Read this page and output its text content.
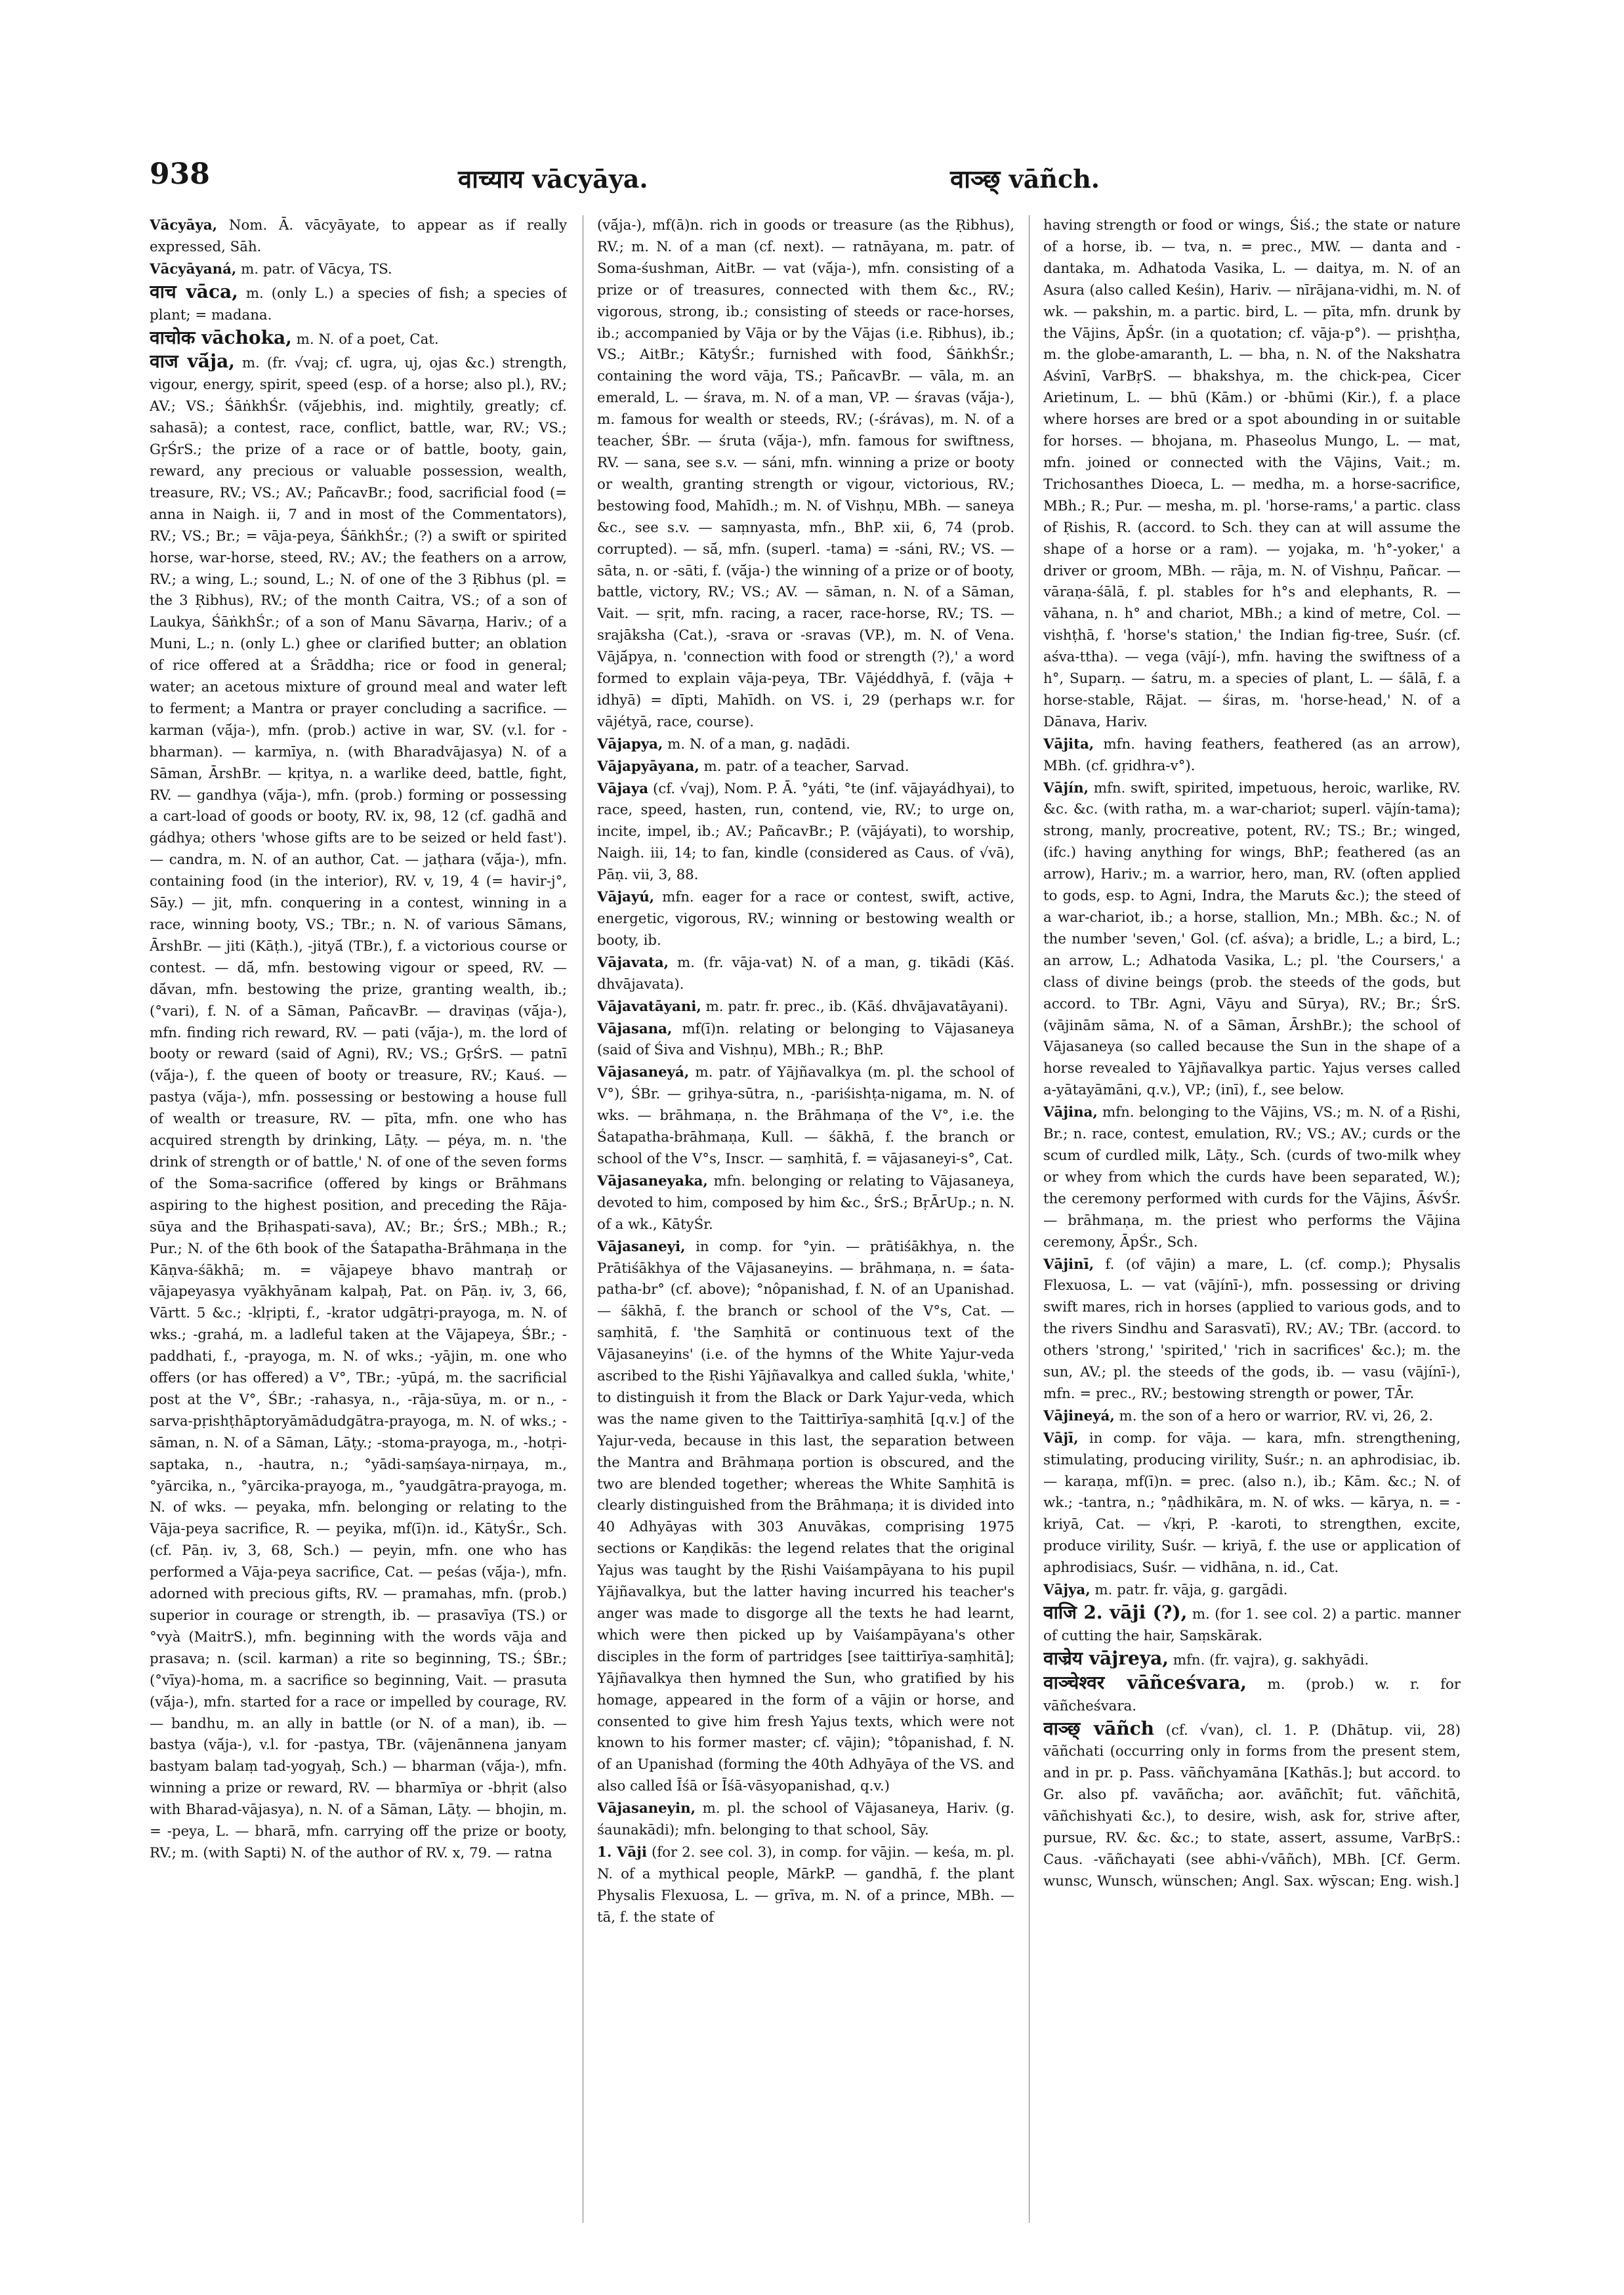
938	वाच्याय vācyāya.	वाञ्छ् vāñch.

Vācyāya, Nom. Ā. vācyāyate, to appear as if really expressed, Sāh.

Vācyāyaná, m. patr. of Vācya, TS.

वाच vāca, m. (only L.) a species of fish; a species of plant; = madana.

वाचोक vāchoka, m. N. of a poet, Cat.

वाज vā́ja, m. (fr. √vaj; cf. ugra, uj, ojas &c.) strength, vigour, energy, spirit, speed (esp. of a horse; also pl.), RV.; AV.; VS.; ŚāṅkhŚr. (vā́jebhis, ind. mightily, greatly; cf. sahasā); a contest, race, conflict, battle, war, RV.; VS.; GṛŚrS.; the prize of a race or of battle, booty, gain, reward, any precious or valuable possession, wealth, treasure, RV.; VS.; AV.; PañcavBr.; food, sacrificial food (= anna in Naigh. ii, 7 and in most of the Commentators), RV.; VS.; Br.; = vāja-peya, ŚāṅkhŚr.; (?) a swift or spirited horse, war-horse, steed, RV.; AV.; the feathers on a arrow, RV.; a wing, L.; sound, L.; N. of one of the 3 Ṛibhus (pl. = the 3 Ṛibhus), RV.; of the month Caitra, VS.; of a son of Laukya, ŚāṅkhŚr.; of a son of Manu Sāvarṇa, Hariv.; of a Muni, L.; n. (only L.) ghee or clarified butter; an oblation of rice offered at a Śrāddha; rice or food in general; water; an acetous mixture of ground meal and water left to ferment; a Mantra or prayer concluding a sacrifice. — karman (vā́ja-), mfn. (prob.) active in war, SV. (v.l. for -bharman). — karmīya, n. (with Bharadvājasya) N. of a Sāman, ĀrshBr. — kṛitya, n. a warlike deed, battle, fight, RV. — gandhya (vā́ja-), mfn. (prob.) forming or possessing a cart-load of goods or booty, RV. ix, 98, 12 (cf. gadhā and gádhya; others 'whose gifts are to be seized or held fast'). — candra, m. N. of an author, Cat. — jaṭhara (vā́ja-), mfn. containing food (in the interior), RV. v, 19, 4 (= havir-j°, Sāy.) — jit, mfn. conquering in a contest, winning in a race, winning booty, VS.; TBr.; n. N. of various Sāmans, ĀrshBr. — jiti (Kāṭh.), -jityā́ (TBr.), f. a victorious course or contest. — dā́, mfn. bestowing vigour or speed, RV. — dā́van, mfn. bestowing the prize, granting wealth, ib.; (°vari), f. N. of a Sāman, PañcavBr. — draviṇas (vā́ja-), mfn. finding rich reward, RV. — pati (vā́ja-), m. the lord of booty or reward (said of Agni), RV.; VS.; GṛŚrS. — patnī (vā́ja-), f. the queen of booty or treasure, RV.; Kauś. — pastya (vā́ja-), mfn. possessing or bestowing a house full of wealth or treasure, RV. — pīta, mfn. one who has acquired strength by drinking, Lāṭy. — péya, m. n. 'the drink of strength or of battle,' N. of one of the seven forms of the Soma-sacrifice (offered by kings or Brāhmans aspiring to the highest position, and preceding the Rāja-sūya and the Bṛihaspati-sava), AV.; Br.; ŚrS.; MBh.; R.; Pur.; N. of the 6th book of the Śatapatha-Brāhmaṇa in the Kāṇva-śākhā; m. = vājapeye bhavo mantraḥ or vājapeyasya vyākhyānam kalpaḥ, Pat. on Pāṇ. iv, 3, 66, Vārtt. 5 &c.; -klṛipti, f., -krator udgātṛi-prayoga, m. N. of wks.; -grahá, m. a ladleful taken at the Vājapeya, ŚBr.; -paddhati, f., -prayoga, m. N. of wks.; -yājin, m. one who offers (or has offered) a V°, TBr.; -yūpá, m. the sacrificial post at the V°, ŚBr.; -rahasya, n., -rāja-sūya, m. or n., -sarva-pṛishṭhāptoryāmādudgātra-prayoga, m. N. of wks.; -sāman, n. N. of a Sāman, Lāṭy.; -stoma-prayoga, m., -hotṛi-saptaka, n., -hautra, n.; °yādi-saṃśaya-nirṇaya, m., °yārcika, n., °yārcika-prayoga, m., °yaudgātra-prayoga, m. N. of wks. — peyaka, mfn. belonging or relating to the Vāja-peya sacrifice, R. — peyika, mf(ī)n. id., KātyŚr., Sch. (cf. Pāṇ. iv, 3, 68, Sch.) — peyin, mfn. one who has performed a Vāja-peya sacrifice, Cat. — peśas (vā́ja-), mfn. adorned with precious gifts, RV. — pramahas, mfn. (prob.) superior in courage or strength, ib. — prasavīya (TS.) or °vyà (MaitrS.), mfn. beginning with the words vāja and prasava; n. (scil. karman) a rite so beginning, TS.; ŚBr.; (°vīya)-homa, m. a sacrifice so beginning, Vait. — prasuta (vā́ja-), mfn. started for a race or impelled by courage, RV. — bandhu, m. an ally in battle (or N. of a man), ib. — bastya (vā́ja-), v.l. for -pastya, TBr. (vājenānnena janyam bastyam balaṃ tad-yogyaḥ, Sch.) — bharman (vā́ja-), mfn. winning a prize or reward, RV. — bharmīya or -bhṛit (also with Bharad-vājasya), n. N. of a Sāman, Lāṭy. — bhojin, m. = -peya, L. — bharā, mfn. carrying off the prize or booty, RV.; m. (with Sapti) N. of the author of RV. x, 79. — ratna

(vā́ja-), mf(ā)n. rich in goods or treasure (as the Ṛibhus), RV.; m. N. of a man (cf. next). — ratnāyana, m. patr. of Soma-śushman, AitBr. — vat (vā́ja-), mfn. consisting of a prize or of treasures, connected with them &c., RV.; vigorous, strong, ib.; consisting of steeds or race-horses, ib.; accompanied by Vāja or by the Vājas (i.e. Ṛibhus), ib.; VS.; AitBr.; KātyŚr.; furnished with food, ŚāṅkhŚr.; containing the word vāja, TS.; PañcavBr. — vāla, m. an emerald, L. — śrava, m. N. of a man, VP. — śravas (vā́ja-), m. famous for wealth or steeds, RV.; (-śrávas), m. N. of a teacher, ŚBr. — śruta (vā́ja-), mfn. famous for swiftness, RV. — sana, see s.v. — sáni, mfn. winning a prize or booty or wealth, granting strength or vigour, victorious, RV.; bestowing food, Mahīdh.; m. N. of Vishṇu, MBh. — saneya &c., see s.v. — saṃnyasta, mfn., BhP. xii, 6, 74 (prob. corrupted). — sā́, mfn. (superl. -tama) = -sáni, RV.; VS. — sāta, n. or -sāti, f. (vā́ja-) the winning of a prize or of booty, battle, victory, RV.; VS.; AV. — sāman, n. N. of a Sāman, Vait. — sṛit, mfn. racing, a racer, race-horse, RV.; TS. — srajāksha (Cat.), -srava or -sravas (VP.), m. N. of Vena. Vājā́pya, n. 'connection with food or strength (?),' a word formed to explain vāja-peya, TBr. Vājéddhyā, f. (vāja + idhyā) = dīpti, Mahīdh. on VS. i, 29 (perhaps w.r. for vājétyā, race, course).

Vājapya, m. N. of a man, g. naḍādi.

Vājapyāyana, m. patr. of a teacher, Sarvad.

Vājaya (cf. √vaj), Nom. P. Ā. °yáti, °te (inf. vājayádhyai), to race, speed, hasten, run, contend, vie, RV.; to urge on, incite, impel, ib.; AV.; PañcavBr.; P. (vājáyati), to worship, Naigh. iii, 14; to fan, kindle (considered as Caus. of √vā), Pāṇ. vii, 3, 88.

Vājayú, mfn. eager for a race or contest, swift, active, energetic, vigorous, RV.; winning or bestowing wealth or booty, ib.

Vājavata, m. (fr. vāja-vat) N. of a man, g. tikādi (Kāś. dhvājavata).

Vājavatāyani, m. patr. fr. prec., ib. (Kāś. dhvājavatāyani).

Vājasana, mf(ī)n. relating or belonging to Vājasaneya (said of Śiva and Vishṇu), MBh.; R.; BhP.

Vājasaneyá, m. patr. of Yājñavalkya (m. pl. the school of V°), ŚBr. — gṛihya-sūtra, n., -pariśishṭa-nigama, m. N. of wks. — brāhmaṇa, n. the Brāhmaṇa of the V°, i.e. the Śatapatha-brāhmaṇa, Kull. — śākhā, f. the branch or school of the V°s, Inscr. — saṃhitā, f. = vājasaneyi-s°, Cat.

Vājasaneyaka, mfn. belonging or relating to Vājasaneya, devoted to him, composed by him &c., ŚrS.; BṛĀrUp.; n. N. of a wk., KātyŚr.

Vājasaneyi, in comp. for °yin. — prātiśākhya, n. the Prātiśākhya of the Vājasaneyins. — brāhmaṇa, n. = śata-patha-br° (cf. above); °nôpanishad, f. N. of an Upanishad. — śākhā, f. the branch or school of the V°s, Cat. — saṃhitā, f. 'the Saṃhitā or continuous text of the Vājasaneyins' (i.e. of the hymns of the White Yajur-veda ascribed to the Ṛishi Yājñavalkya and called śukla, 'white,' to distinguish it from the Black or Dark Yajur-veda, which was the name given to the Taittirīya-saṃhitā [q.v.] of the Yajur-veda, because in this last, the separation between the Mantra and Brāhmaṇa portion is obscured, and the two are blended together; whereas the White Saṃhitā is clearly distinguished from the Brāhmaṇa; it is divided into 40 Adhyāyas with 303 Anuvākas, comprising 1975 sections or Kaṇḍikās: the legend relates that the original Yajus was taught by the Ṛishi Vaiśampāyana to his pupil Yājñavalkya, but the latter having incurred his teacher's anger was made to disgorge all the texts he had learnt, which were then picked up by Vaiśampāyana's other disciples in the form of partridges [see taittirīya-saṃhitā]; Yājñavalkya then hymned the Sun, who gratified by his homage, appeared in the form of a vājin or horse, and consented to give him fresh Yajus texts, which were not known to his former master; cf. vājin); °tôpanishad, f. N. of an Upanishad (forming the 40th Adhyāya of the VS. and also called Īśā or Īśā-vāsyopanishad, q.v.)

Vājasaneyin, m. pl. the school of Vājasaneya, Hariv. (g. śaunakādi); mfn. belonging to that school, Sāy.

1. Vāji (for 2. see col. 3), in comp. for vājin. — keśa, m. pl. N. of a mythical people, MārkP. — gandhā, f. the plant Physalis Flexuosa, L. — grīva, m. N. of a prince, MBh. — tā, f. the state of

having strength or food or wings, Śiś.; the state or nature of a horse, ib. — tva, n. = prec., MW. — danta and -dantaka, m. Adhatoda Vasika, L. — daitya, m. N. of an Asura (also called Keśin), Hariv. — nīrājana-vidhi, m. N. of wk. — pakshin, m. a partic. bird, L. — pīta, mfn. drunk by the Vājins, ĀpŚr. (in a quotation; cf. vāja-p°). — pṛishṭha, m. the globe-amaranth, L. — bha, n. N. of the Nakshatra Aśvinī, VarBṛS. — bhakshya, m. the chick-pea, Cicer Arietinum, L. — bhū (Kām.) or -bhūmi (Kir.), f. a place where horses are bred or a spot abounding in or suitable for horses. — bhojana, m. Phaseolus Mungo, L. — mat, mfn. joined or connected with the Vājins, Vait.; m. Trichosanthes Dioeca, L. — medha, m. a horse-sacrifice, MBh.; R.; Pur. — mesha, m. pl. 'horse-rams,' a partic. class of Ṛishis, R. (accord. to Sch. they can at will assume the shape of a horse or a ram). — yojaka, m. 'h°-yoker,' a driver or groom, MBh. — rāja, m. N. of Vishṇu, Pañcar. — vāraṇa-śālā, f. pl. stables for h°s and elephants, R. — vāhana, n. h° and chariot, MBh.; a kind of metre, Col. — vishṭhā, f. 'horse's station,' the Indian fig-tree, Suśr. (cf. aśva-ttha). — vega (vājí-), mfn. having the swiftness of a h°, Suparṇ. — śatru, m. a species of plant, L. — śālā, f. a horse-stable, Rājat. — śiras, m. 'horse-head,' N. of a Dānava, Hariv.

Vājita, mfn. having feathers, feathered (as an arrow), MBh. (cf. gṛidhra-v°).

Vājín, mfn. swift, spirited, impetuous, heroic, warlike, RV. &c. &c. (with ratha, m. a war-chariot; superl. vājín-tama); strong, manly, procreative, potent, RV.; TS.; Br.; winged, (ifc.) having anything for wings, BhP.; feathered (as an arrow), Hariv.; m. a warrior, hero, man, RV. (often applied to gods, esp. to Agni, Indra, the Maruts &c.); the steed of a war-chariot, ib.; a horse, stallion, Mn.; MBh. &c.; N. of the number 'seven,' Gol. (cf. aśva); a bridle, L.; a bird, L.; an arrow, L.; Adhatoda Vasika, L.; pl. 'the Coursers,' a class of divine beings (prob. the steeds of the gods, but accord. to TBr. Agni, Vāyu and Sūrya), RV.; Br.; ŚrS. (vājinām sāma, N. of a Sāman, ĀrshBr.); the school of Vājasaneya (so called because the Sun in the shape of a horse revealed to Yājñavalkya partic. Yajus verses called a-yātayāmāni, q.v.), VP.; (inī), f., see below.

Vājina, mfn. belonging to the Vājins, VS.; m. N. of a Ṛishi, Br.; n. race, contest, emulation, RV.; VS.; AV.; curds or the scum of curdled milk, Lāṭy., Sch. (curds of two-milk whey or whey from which the curds have been separated, W.); the ceremony performed with curds for the Vājins, ĀśvŚr. — brāhmaṇa, m. the priest who performs the Vājina ceremony, ĀpŚr., Sch.

Vājinī, f. (of vājin) a mare, L. (cf. comp.); Physalis Flexuosa, L. — vat (vājínī-), mfn. possessing or driving swift mares, rich in horses (applied to various gods, and to the rivers Sindhu and Sarasvatī), RV.; AV.; TBr. (accord. to others 'strong,' 'spirited,' 'rich in sacrifices' &c.); m. the sun, AV.; pl. the steeds of the gods, ib. — vasu (vājínī-), mfn. = prec., RV.; bestowing strength or power, TĀr.

Vājineyá, m. the son of a hero or warrior, RV. vi, 26, 2.

Vājī, in comp. for vāja. — kara, mfn. strengthening, stimulating, producing virility, Suśr.; n. an aphrodisiac, ib. — karaṇa, mf(ī)n. = prec. (also n.), ib.; Kām. &c.; N. of wk.; -tantra, n.; °ṇâdhikāra, m. N. of wks. — kārya, n. = -kriyā, Cat. — √kṛi, P. -karoti, to strengthen, excite, produce virility, Suśr. — kriyā, f. the use or application of aphrodisiacs, Suśr. — vidhāna, n. id., Cat.

Vājya, m. patr. fr. vāja, g. gargādi.

वाजि 2. vāji (?), m. (for 1. see col. 2) a partic. manner of cutting the hair, Saṃskārak.

वाज्रेय vājreya, mfn. (fr. vajra), g. sakhyādi.

वाञ्चेश्वर vāñceśvara, m. (prob.) w. r. for vāñcheśvara.

वाञ्छ् vāñch (cf. √van), cl. 1. P. (Dhātup. vii, 28) vāñchati (occurring only in forms from the present stem, and in pr. p. Pass. vāñchyamāna [Kathās.]; but accord. to Gr. also pf. vavāñcha; aor. avāñchīt; fut. vāñchitā, vāñchishyati &c.), to desire, wish, ask for, strive after, pursue, RV. &c. &c.; to state, assert, assume, VarBṛS.: Caus. -vāñchayati (see abhi-√vāñch), MBh. [Cf. Germ. wunsc, Wunsch, wünschen; Angl. Sax. wȳscan; Eng. wish.]
